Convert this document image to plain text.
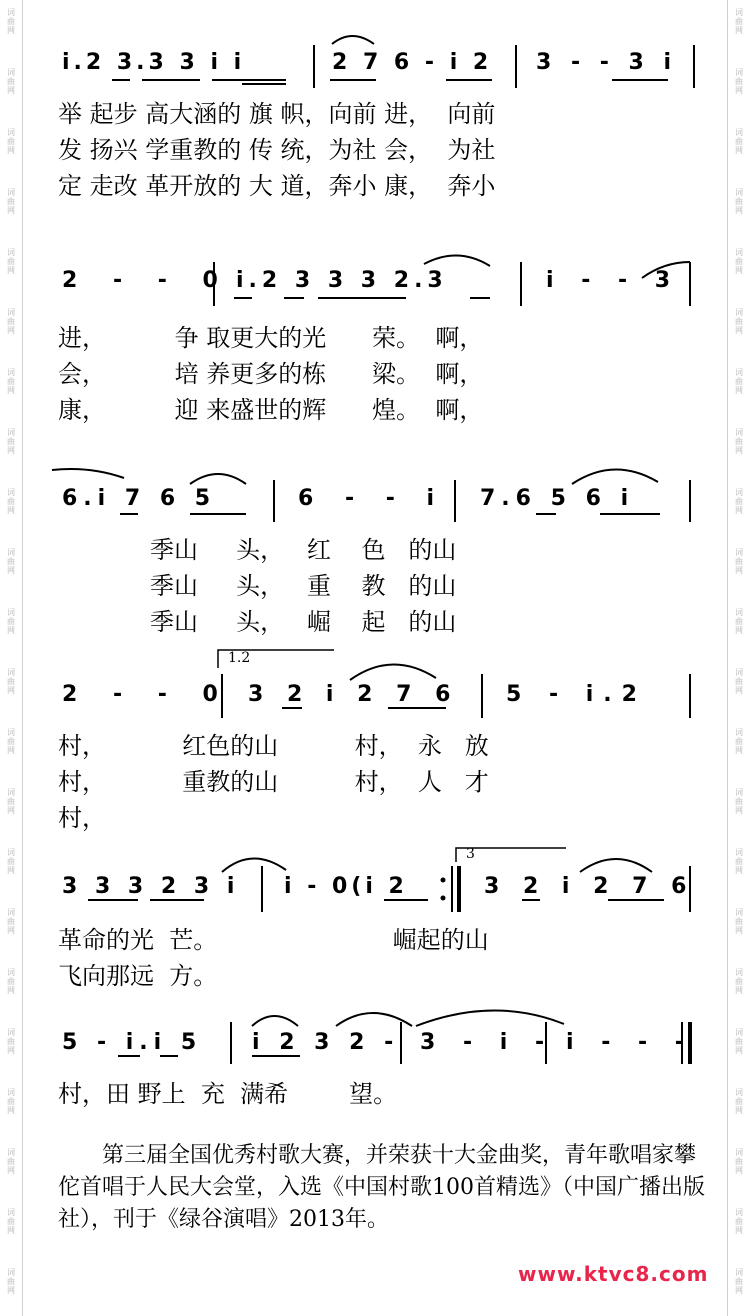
词
曲
网
词
曲
网
词
曲
网
词
曲
网
词
曲
网
词
曲
网
词
曲
网
词
曲
网
词
曲
网
词
曲
网
词
曲
网
词
曲
网
词
曲
网
词
曲
网
词
曲
网
词
曲
网
词
曲
网
词
曲
网
词
曲
网
词
曲
网
词
曲
网
词
曲
网
词
曲
网
词
曲
网
词
曲
网
词
曲
网
词
曲
网
词
曲
网
词
曲
网
词
曲
网
词
曲
网
词
曲
网
词
曲
网
词
曲
网
词
曲
网
词
曲
网
词
曲
网
词
曲
网
词
曲
网
词
曲
网
词
曲
网
词
曲
网
词
曲
网
词
曲
网
i.2 3.3 3 i i	2 7 6 - i 2 3 - - 3 i
举 起步 高大涵的 旗 帜，向前 进，  向前
发 扬兴 学重教的 传 统，为社 会，  为社
定 走改 革开放的 大 道，奔小 康，  奔小
2 - - 0 i.2 3 3 3 2.3	i - - 3
进，         争 取更大的光      荣。  啊，
会，         培 养更多的栋      梁。  啊，
康，         迎 来盛世的辉      煌。  啊，
6.i 7 6 5	6 - - i 7.6 5 6 i
季山     头，   红    色   的山
季山     头，   重    教   的山
季山     头，   崛    起   的山
1.2
2 - - 0 3 2 i 2 7 6 5 - i.2
村，          红色的山          村，  永   放
村，          重教的山          村，  人   才
村，
3
3 3 3 2 3 i i - 0(i 2	3 2 i 2 7 6
革命的光  芒。                       崛起的山
飞向那远  方。
5 - i.i 5 i 2 3 2 - 3 - i - i - - -
村，田 野上  充  满希        望。
第三届全国优秀村歌大赛，并荣获十大金曲奖，青年歌唱家攀佗首唱于人民大会堂，入选《中国村歌100首精选》（中国广播出版社），刊于《绿谷演唱》2013年。
www.ktvc8.com
